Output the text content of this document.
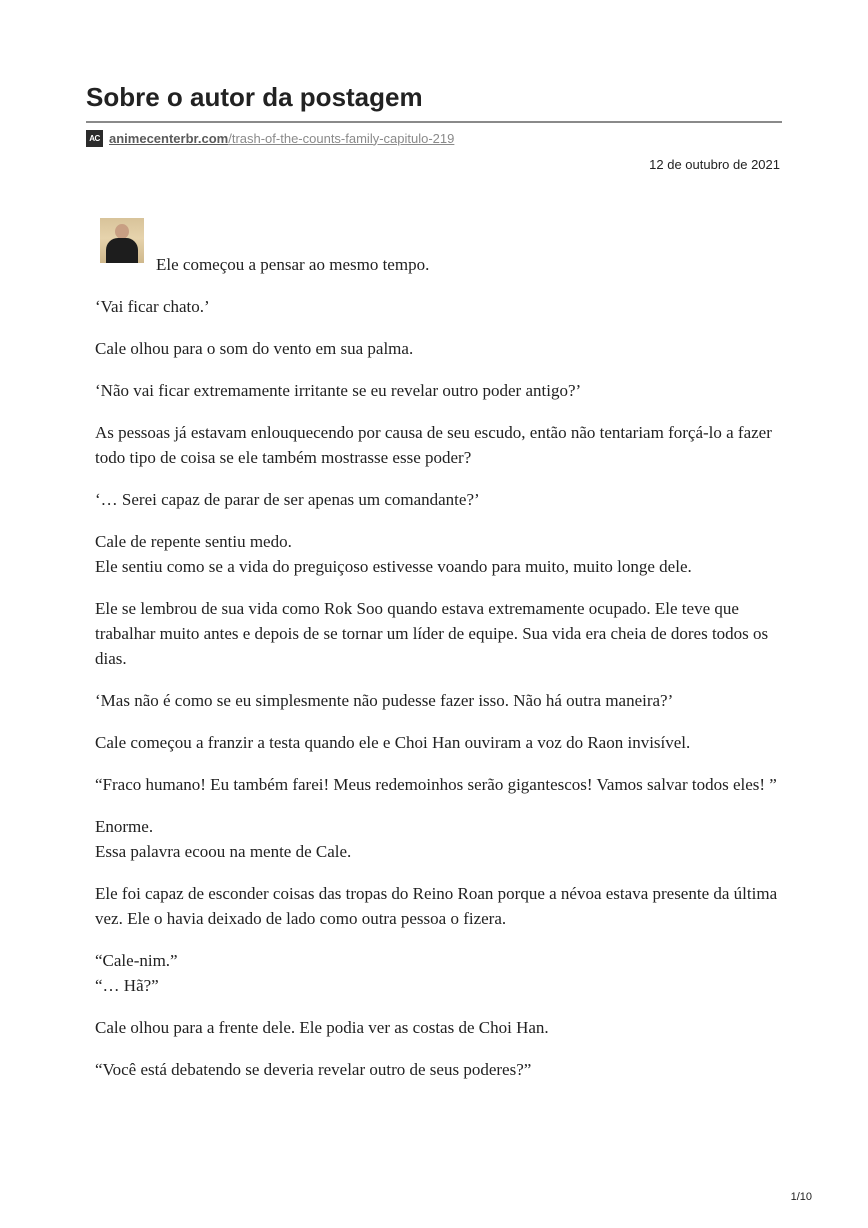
Sobre o autor da postagem
AC animecenterbr.com /trash-of-the-counts-family-capitulo-219
12 de outubro de 2021

Ele começou a pensar ao mesmo tempo.

‘Vai ficar chato.’

Cale olhou para o som do vento em sua palma.

‘Não vai ficar extremamente irritante se eu revelar outro poder antigo?’

As pessoas já estavam enlouquecendo por causa de seu escudo, então não tentariam forçá-lo a fazer todo tipo de coisa se ele também mostrasse esse poder?

‘… Serei capaz de parar de ser apenas um comandante?’

Cale de repente sentiu medo.
Ele sentiu como se a vida do preguiçoso estivesse voando para muito, muito longe dele.

Ele se lembrou de sua vida como Rok Soo quando estava extremamente ocupado. Ele teve que trabalhar muito antes e depois de se tornar um líder de equipe. Sua vida era cheia de dores todos os dias.

‘Mas não é como se eu simplesmente não pudesse fazer isso. Não há outra maneira?’

Cale começou a franzir a testa quando ele e Choi Han ouviram a voz do Raon invisível.

“Fraco humano! Eu também farei! Meus redemoinhos serão gigantescos! Vamos salvar todos eles! ”

Enorme.
Essa palavra ecoou na mente de Cale.

Ele foi capaz de esconder coisas das tropas do Reino Roan porque a névoa estava presente da última vez. Ele o havia deixado de lado como outra pessoa o fizera.

“Cale-nim.”
“… Hã?”

Cale olhou para a frente dele. Ele podia ver as costas de Choi Han.

“Você está debatendo se deveria revelar outro de seus poderes?”

1/10
